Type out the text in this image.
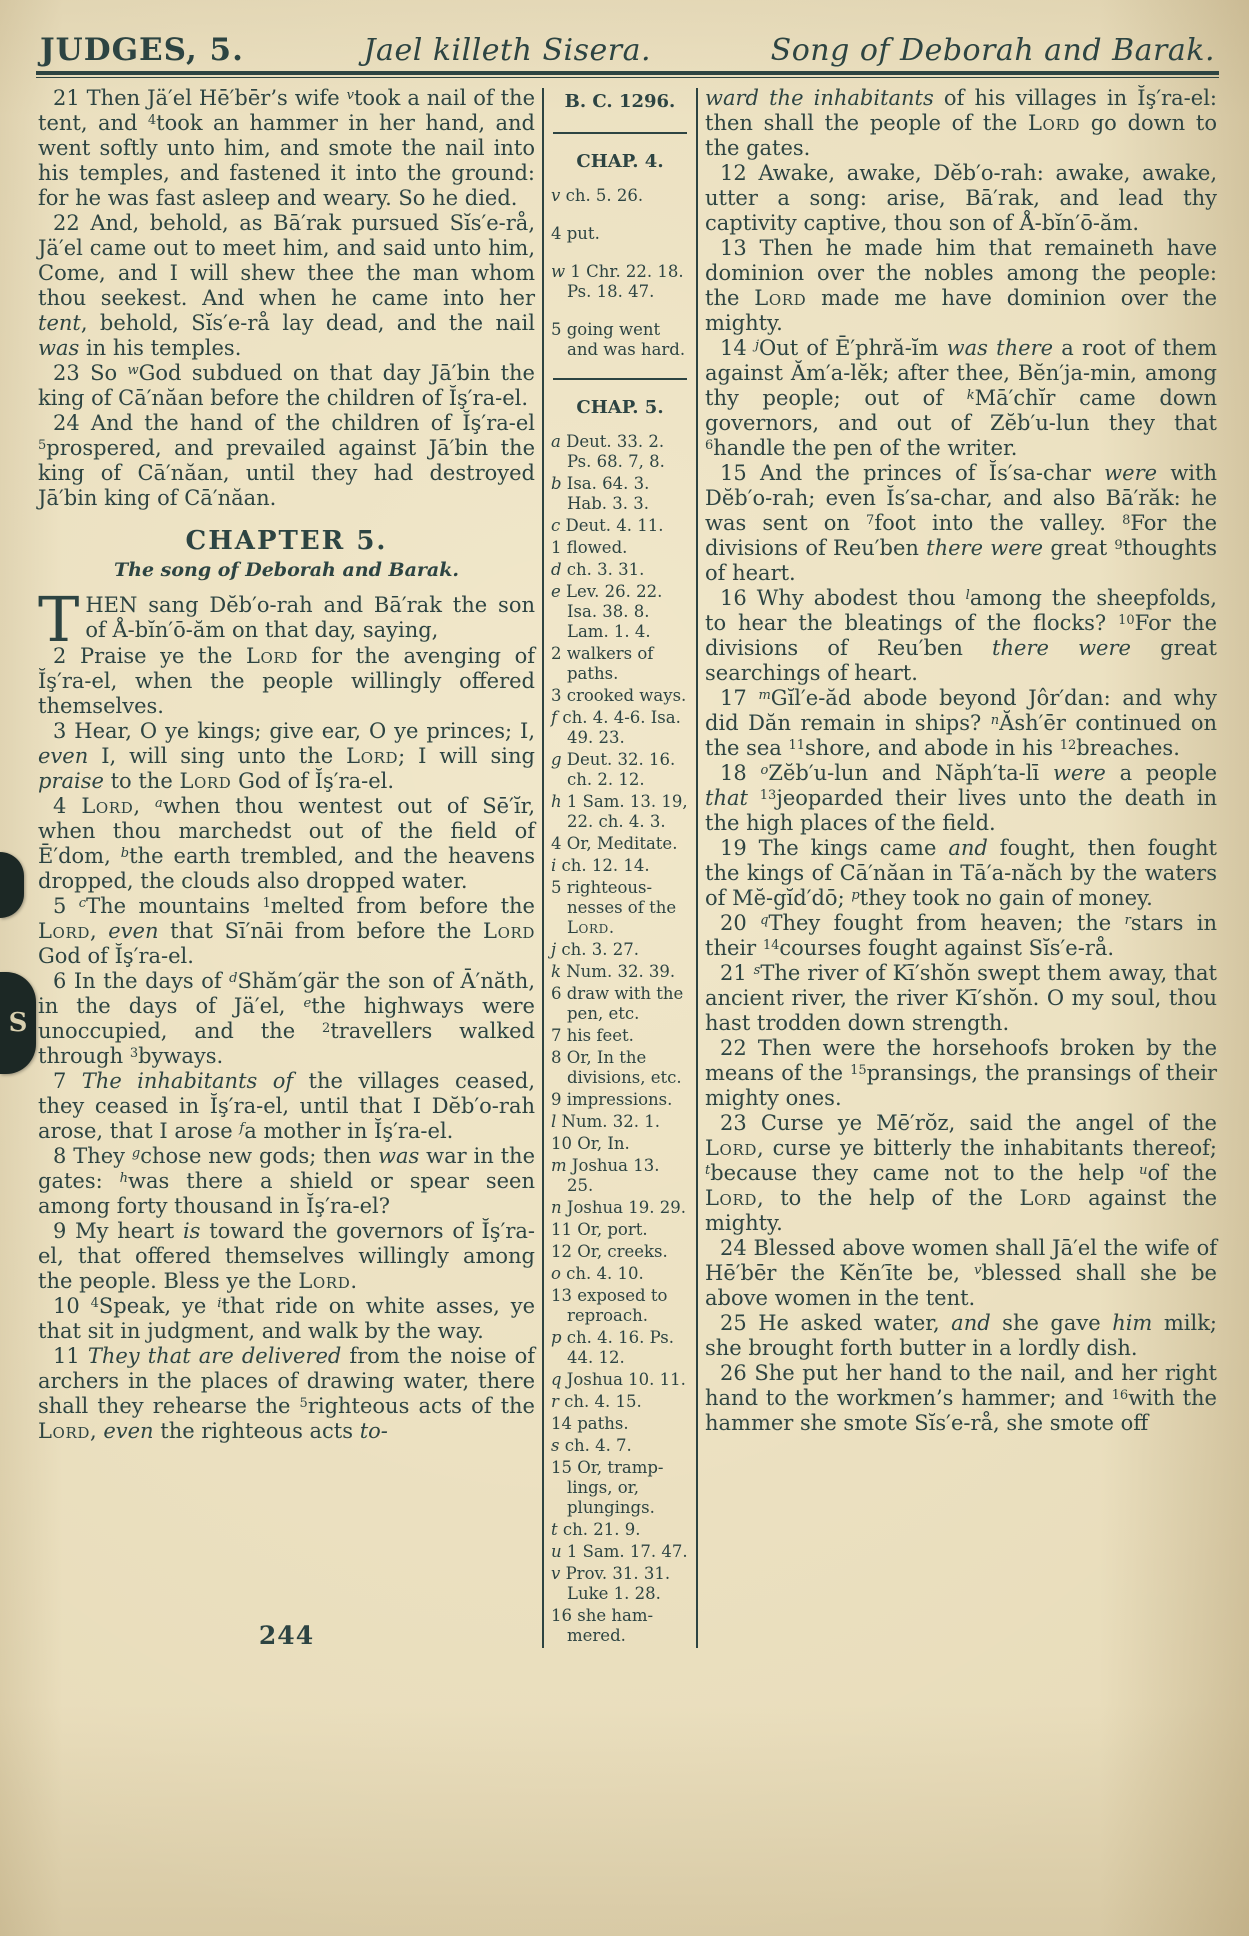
JUDGES, 5.	Jael killeth Sisera.	Song of Deborah and Barak.

21 Then Jä′el Hē′bēr’s wife $^v$took a nail of the tent, and $^4$took an hammer in her hand, and went softly unto him, and smote the nail into his temples, and fastened it into the ground: for he was fast asleep and weary. So he died.

22 And, behold, as Bā′rak pursued Sĭs′e-rå, Jä′el came out to meet him, and said unto him, Come, and I will shew thee the man whom thou seekest. And when he came into her tent, behold, Sĭs′e-rå lay dead, and the nail was in his temples.

23 So $^w$God subdued on that day Jā′bin the king of Cā′năan before the children of Ĭş′ra-el.

24 And the hand of the children of Ĭş′ra-el $^5$prospered, and prevailed against Jā′bin the king of Cā′năan, until they had destroyed Jā′bin king of Cā′năan.

CHAPTER 5.
The song of Deborah and Barak.

THEN sang Dĕb′o-rah and Bā′rak the son of Å-bĭn′ō-ăm on that day, saying,

2 Praise ye the Lord for the avenging of Ĭş′ra-el, when the people willingly offered themselves.

3 Hear, O ye kings; give ear, O ye princes; I, even I, will sing unto the Lord; I will sing praise to the Lord God of Ĭş′ra-el.

4 Lord, $^a$when thou wentest out of Sē′ĭr, when thou marchedst out of the field of Ē′dom, $^b$the earth trembled, and the heavens dropped, the clouds also dropped water.

5 $^c$The mountains $^1$melted from before the Lord, even that Sī′nāi from before the Lord God of Ĭş′ra-el.

6 In the days of $^d$Shăm′gär the son of Ā′năth, in the days of Jä′el, $^e$the highways were unoccupied, and the $^2$travellers walked through $^3$byways.

7 The inhabitants of the villages ceased, they ceased in Ĭş′ra-el, until that I Dĕb′o-rah arose, that I arose $^f$a mother in Ĭş′ra-el.

8 They $^g$chose new gods; then was war in the gates: $^h$was there a shield or spear seen among forty thousand in Ĭş′ra-el?

9 My heart is toward the governors of Ĭş′ra-el, that offered themselves willingly among the people. Bless ye the Lord.

10 $^4$Speak, ye $^i$that ride on white asses, ye that sit in judgment, and walk by the way.

11 They that are delivered from the noise of archers in the places of drawing water, there shall they rehearse the $^5$righteous acts of the Lord, even the righteous acts to-

244
B. C. 1296.
CHAP. 4.
v ch. 5. 26.
4 put.
w 1 Chr. 22. 18. Ps. 18. 47.
5 going went and was hard.
CHAP. 5.
a Deut. 33. 2. Ps. 68. 7, 8.
b Isa. 64. 3. Hab. 3. 3.
c Deut. 4. 11.
1 flowed.
d ch. 3. 31.
e Lev. 26. 22. Isa. 38. 8. Lam. 1. 4.
2 walkers of paths.
3 crooked ways.
f ch. 4. 4-6. Isa. 49. 23.
g Deut. 32. 16. ch. 2. 12.
h 1 Sam. 13. 19, 22. ch. 4. 3.
4 Or, Meditate.
i ch. 12. 14.
5 righteous-nesses of the Lord.
j ch. 3. 27.
k Num. 32. 39.
6 draw with the pen, etc.
7 his feet.
8 Or, In the divisions, etc.
9 impressions.
l Num. 32. 1.
10 Or, In.
m Joshua 13. 25.
n Joshua 19. 29.
11 Or, port.
12 Or, creeks.
o ch. 4. 10.
13 exposed to reproach.
p ch. 4. 16. Ps. 44. 12.
q Joshua 10. 11.
r ch. 4. 15.
14 paths.
s ch. 4. 7.
15 Or, tramp-lings, or, plungings.
t ch. 21. 9.
u 1 Sam. 17. 47.
v Prov. 31. 31. Luke 1. 28.
16 she ham-mered.

ward the inhabitants of his villages in Ĭş′ra-el: then shall the people of the Lord go down to the gates.

12 Awake, awake, Dĕb′o-rah: awake, awake, utter a song: arise, Bā′rak, and lead thy captivity captive, thou son of Å-bĭn′ō-ăm.

13 Then he made him that remaineth have dominion over the nobles among the people: the Lord made me have dominion over the mighty.

14 $^j$Out of Ē′phră-ĭm was there a root of them against Ăm′a-lĕk; after thee, Bĕn′ja-min, among thy people; out of $^k$Mā′chĭr came down governors, and out of Zĕb′u-lun they that $^6$handle the pen of the writer.

15 And the princes of Ĭs′sa-char were with Dĕb′o-rah; even Ĭs′sa-char, and also Bā′răk: he was sent on $^7$foot into the valley. $^8$For the divisions of Reu′ben there were great $^9$thoughts of heart.

16 Why abodest thou $^l$among the sheepfolds, to hear the bleatings of the flocks? $^{10}$For the divisions of Reu′ben there were great searchings of heart.

17 $^m$Gĭl′e-ăd abode beyond Jôr′dan: and why did Dăn remain in ships? $^n$Ăsh′ēr continued on the sea $^{11}$shore, and abode in his $^{12}$breaches.

18 $^o$Zĕb′u-lun and Năph′ta-lī were a people that $^{13}$jeoparded their lives unto the death in the high places of the field.

19 The kings came and fought, then fought the kings of Cā′năan in Tā′a-năch by the waters of Mĕ-gĭd′dō; $^p$they took no gain of money.

20 $^q$They fought from heaven; the $^r$stars in their $^{14}$courses fought against Sĭs′e-rå.

21 $^s$The river of Kī′shŏn swept them away, that ancient river, the river Kī′shŏn. O my soul, thou hast trodden down strength.

22 Then were the horsehoofs broken by the means of the $^{15}$pransings, the pransings of their mighty ones.

23 Curse ye Mē′rŏz, said the angel of the Lord, curse ye bitterly the inhabitants thereof; $^t$because they came not to the help $^u$of the Lord, to the help of the Lord against the mighty.

24 Blessed above women shall Jā′el the wife of Hē′bēr the Kĕn′īte be, $^v$blessed shall she be above women in the tent.

25 He asked water, and she gave him milk; she brought forth butter in a lordly dish.

26 She put her hand to the nail, and her right hand to the workmen’s hammer; and $^{16}$with the hammer she smote Sĭs′e-rå, she smote off

S
